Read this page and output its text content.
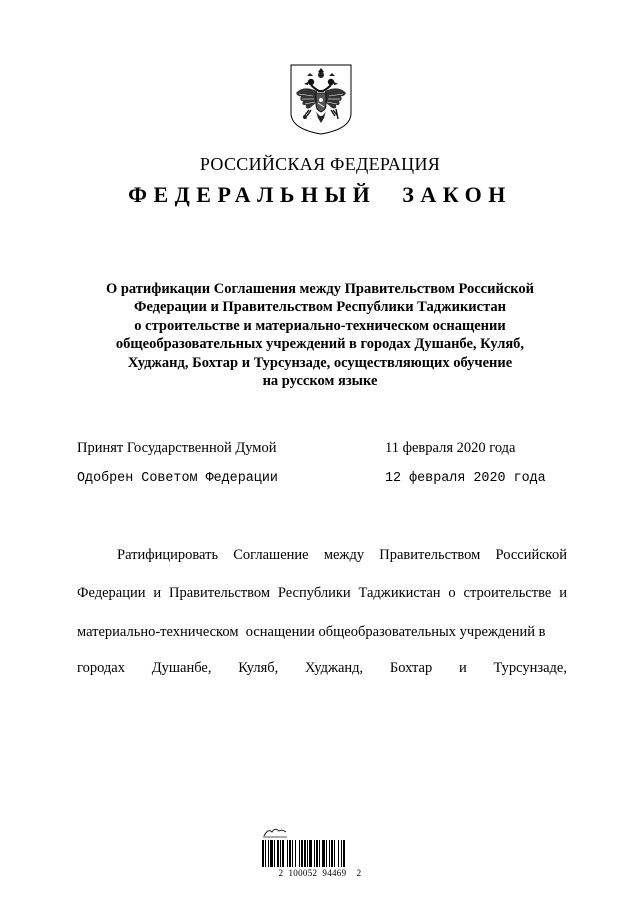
РОССИЙСКАЯ ФЕДЕРАЦИЯ
ФЕДЕРАЛЬНЫЙ ЗАКОН
О ратификации Соглашения между Правительством Российской
Федерации и Правительством Республики Таджикистан
о строительстве и материально-техническом оснащении
общеобразовательных учреждений в городах Душанбе, Куляб,
Худжанд, Бохтар и Турсунзаде, осуществляющих обучение
на русском языке
Принят Государственной Думой	11 февраля 2020 года
Одобрен Советом Федерации	12 февраля 2020 года
Ратифицировать Соглашение между Правительством Российской
Федерации и Правительством Республики Таджикистан о строительстве и
материально-техническом  оснащении общеобразовательных учреждений в
городах Душанбе, Куляб, Худжанд, Бохтар и Турсунзаде,
2  100052  94469    2
